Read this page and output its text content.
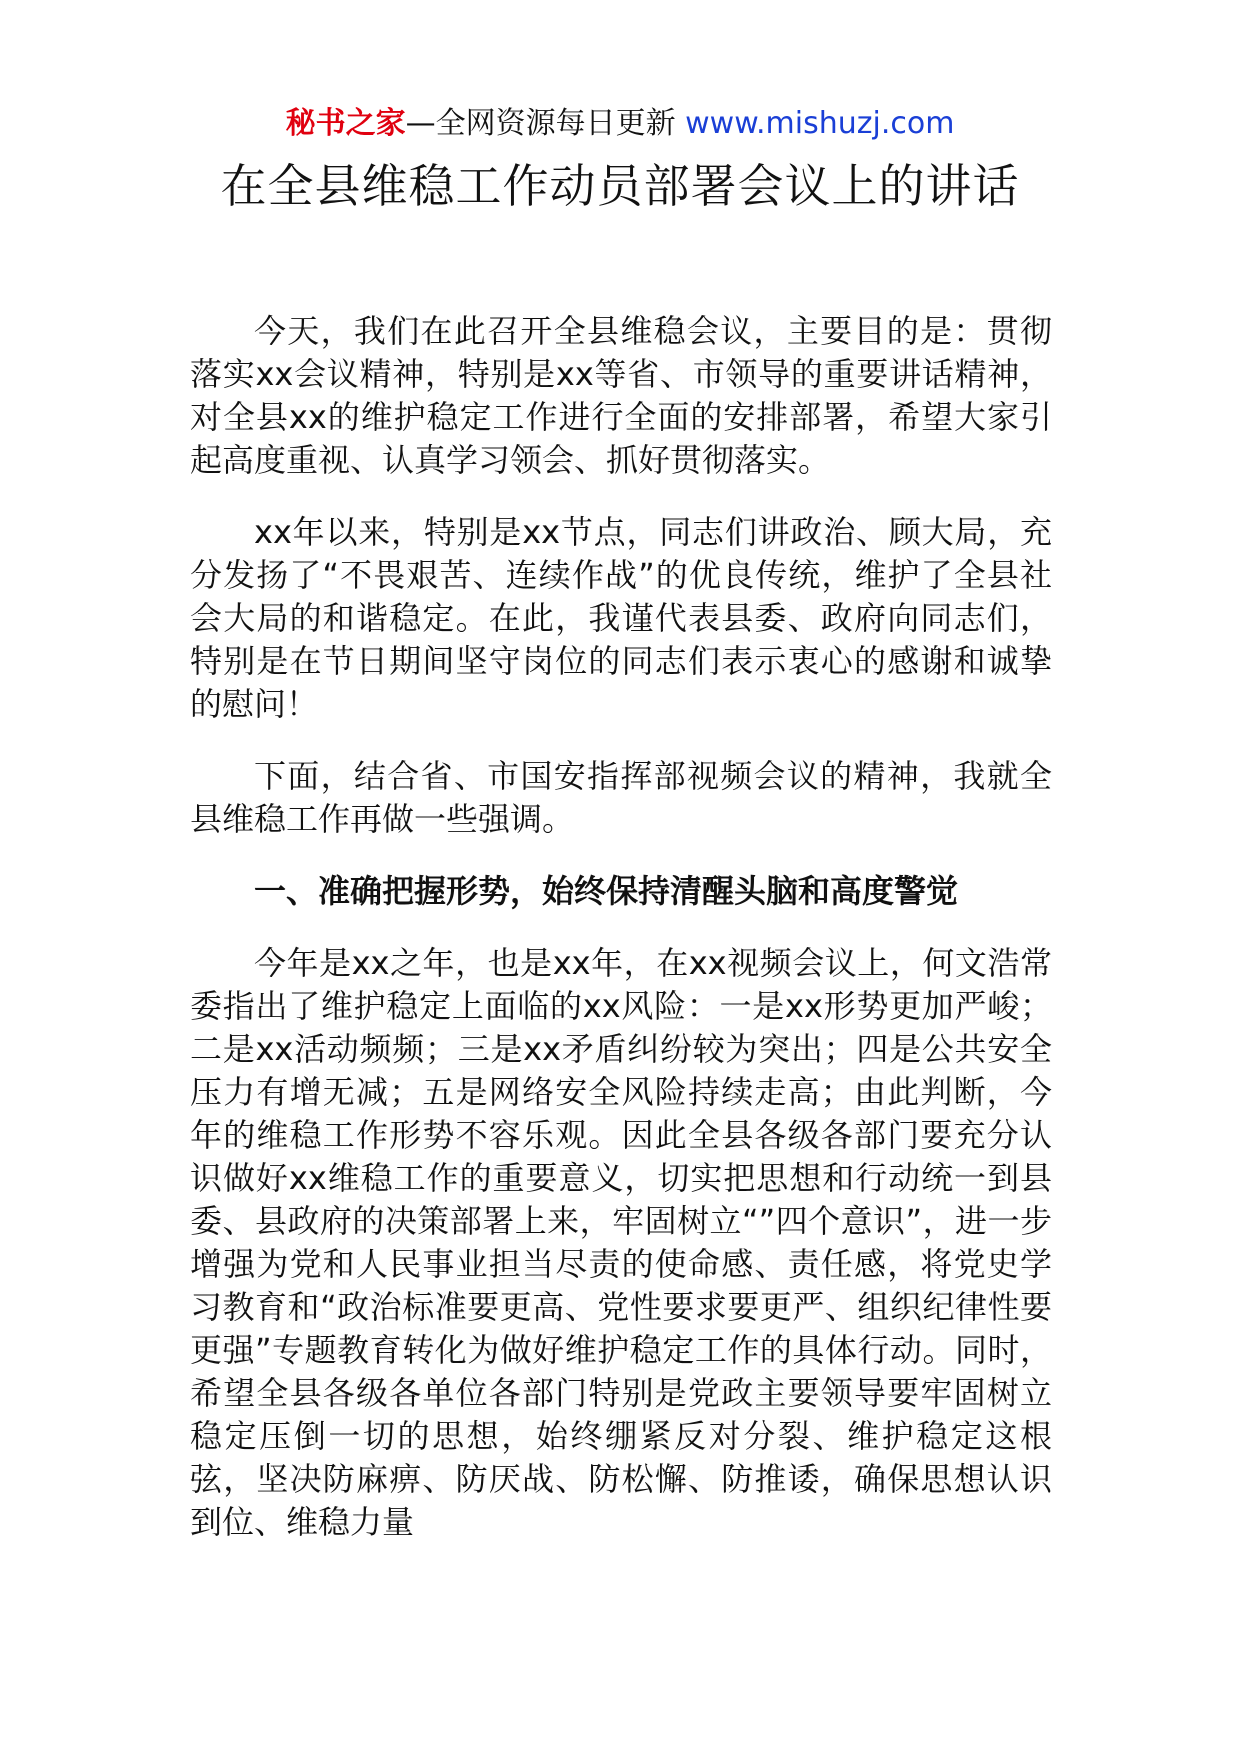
秘书之家—全网资源每日更新 www.mishuzj.com
在全县维稳工作动员部署会议上的讲话

今天，我们在此召开全县维稳会议，主要目的是：贯彻落实xx会议精神，特别是xx等省、市领导的重要讲话精神，对全县xx的维护稳定工作进行全面的安排部署，希望大家引起高度重视、认真学习领会、抓好贯彻落实。

xx年以来，特别是xx节点，同志们讲政治、顾大局，充分发扬了“不畏艰苦、连续作战”的优良传统，维护了全县社会大局的和谐稳定。在此，我谨代表县委、政府向同志们，特别是在节日期间坚守岗位的同志们表示衷心的感谢和诚挚的慰问！

下面，结合省、市国安指挥部视频会议的精神，我就全县维稳工作再做一些强调。

一、准确把握形势，始终保持清醒头脑和高度警觉

今年是xx之年，也是xx年，在xx视频会议上，何文浩常委指出了维护稳定上面临的xx风险：一是xx形势更加严峻；二是xx活动频频；三是xx矛盾纠纷较为突出；四是公共安全压力有增无减；五是网络安全风险持续走高；由此判断，今年的维稳工作形势不容乐观。因此全县各级各部门要充分认识做好xx维稳工作的重要意义，切实把思想和行动统一到县委、县政府的决策部署上来，牢固树立“”四个意识”，进一步增强为党和人民事业担当尽责的使命感、责任感，将党史学习教育和“政治标准要更高、党性要求要更严、组织纪律性要更强”专题教育转化为做好维护稳定工作的具体行动。同时，希望全县各级各单位各部门特别是党政主要领导要牢固树立稳定压倒一切的思想，始终绷紧反对分裂、维护稳定这根弦，坚决防麻痹、防厌战、防松懈、防推诿，确保思想认识到位、维稳力量
